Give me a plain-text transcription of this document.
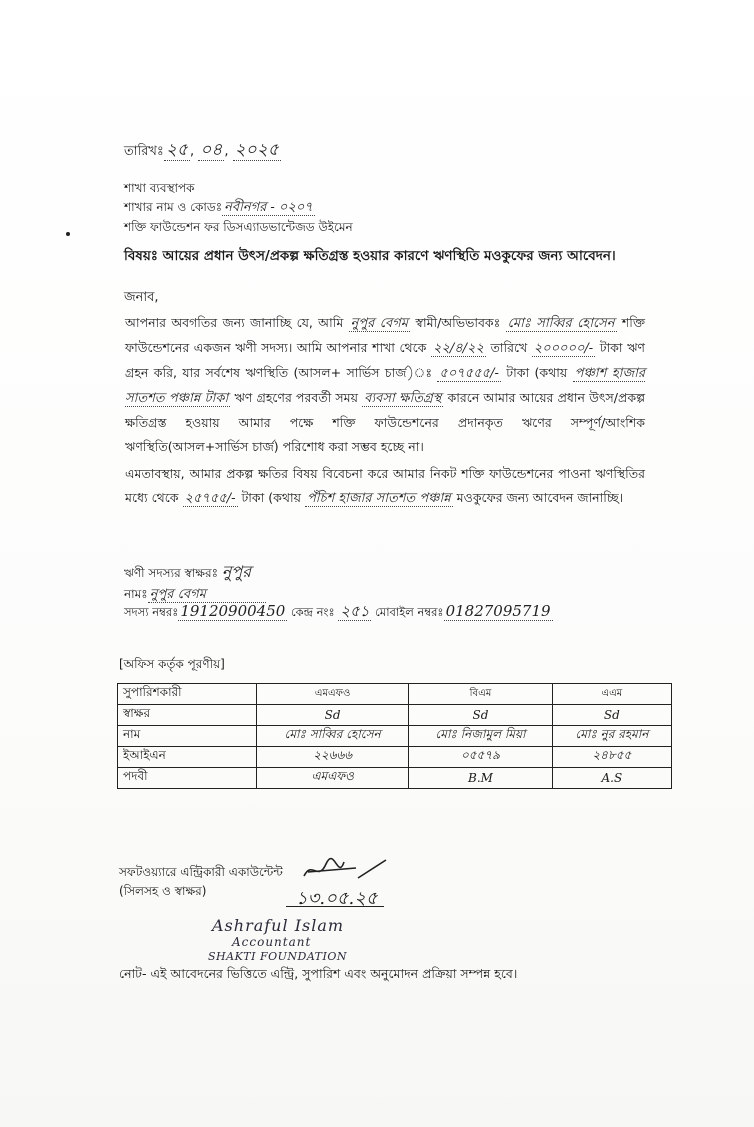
তারিখঃ ২৫ , ০৪ , ২০২৫
শাখা ব্যবস্থাপক
শাখার নাম ও কোডঃ নবীনগর - ০২০৭
শক্তি ফাউন্ডেশন ফর ডিসএ্যাডভান্টেজড উইমেন
বিষয়ঃ আয়ের প্রধান উৎস/প্রকল্প ক্ষতিগ্রস্ত হওয়ার কারণে ঋণস্থিতি মওকুফের জন্য আবেদন।
জনাব,
আপনার অবগতির জন্য জানাচ্ছি যে, আমি নুপুর বেগম স্বামী/অভিভাবকঃ মোঃ সাব্বির হোসেন শক্তি ফাউন্ডেশনের একজন ঋণী সদস্য। আমি আপনার শাখা থেকে ২২/৪/২২ তারিখে ২০০০০০/- টাকা ঋণ গ্রহন করি, যার সর্বশেষ ঋণস্থিতি (আসল+ সার্ভিস চার্জ)ঃ ৫০৭৫৫৫/- টাকা (কথায় পঞ্চাশ হাজার সাতশত পঞ্চান্ন টাকা ঋণ গ্রহণের পরবর্তী সময় ব্যবসা ক্ষতিগ্রস্থ কারনে আমার আয়ের প্রধান উৎস/প্রকল্প ক্ষতিগ্রস্ত হওয়ায় আমার পক্ষে শক্তি ফাউন্ডেশনের প্রদানকৃত ঋণের সম্পূর্ণ/আংশিক ঋণস্থিতি(আসল+সার্ভিস চার্জ) পরিশোধ করা সম্ভব হচ্ছে না।
এমতাবস্থায়, আমার প্রকল্প ক্ষতির বিষয় বিবেচনা করে আমার নিকট শক্তি ফাউন্ডেশনের পাওনা ঋণস্থিতির মধ্যে থেকে ২৫৭৫৫/- টাকা (কথায় পঁচিশ হাজার সাতশত পঞ্চান্ন মওকুফের জন্য আবেদন জানাচ্ছি।
ঋণী সদস্যর স্বাক্ষরঃ নুপুর
নামঃ নুপুর বেগম
সদস্য নম্বরঃ 19120900450 কেন্দ্র নংঃ ২৫১ মোবাইল নম্বরঃ 01827095719
[অফিস কর্তৃক পূরণীয়]
সুপারিশকারী	এমএফও	বিএম	এএম
স্বাক্ষর	Sd	Sd	Sd
নাম	মোঃ সাব্বির হোসেন	মোঃ নিজামুল মিয়া	মোঃ নুর রহমান
ইআইএন	২২৬৬৬	০৫৫৭৯	২৪৮৫৫
পদবী	এমএফও	B.M	A.S
সফটওয়্যারে এন্ট্রিকারী একাউন্টেন্ট
(সিলসহ ও স্বাক্ষর)	১৩.০৫.২৫
Ashraful Islam
Accountant
SHAKTI FOUNDATION
নোট- এই আবেদনের ভিত্তিতে এন্ট্রি, সুপারিশ এবং অনুমোদন প্রক্রিয়া সম্পন্ন হবে।
